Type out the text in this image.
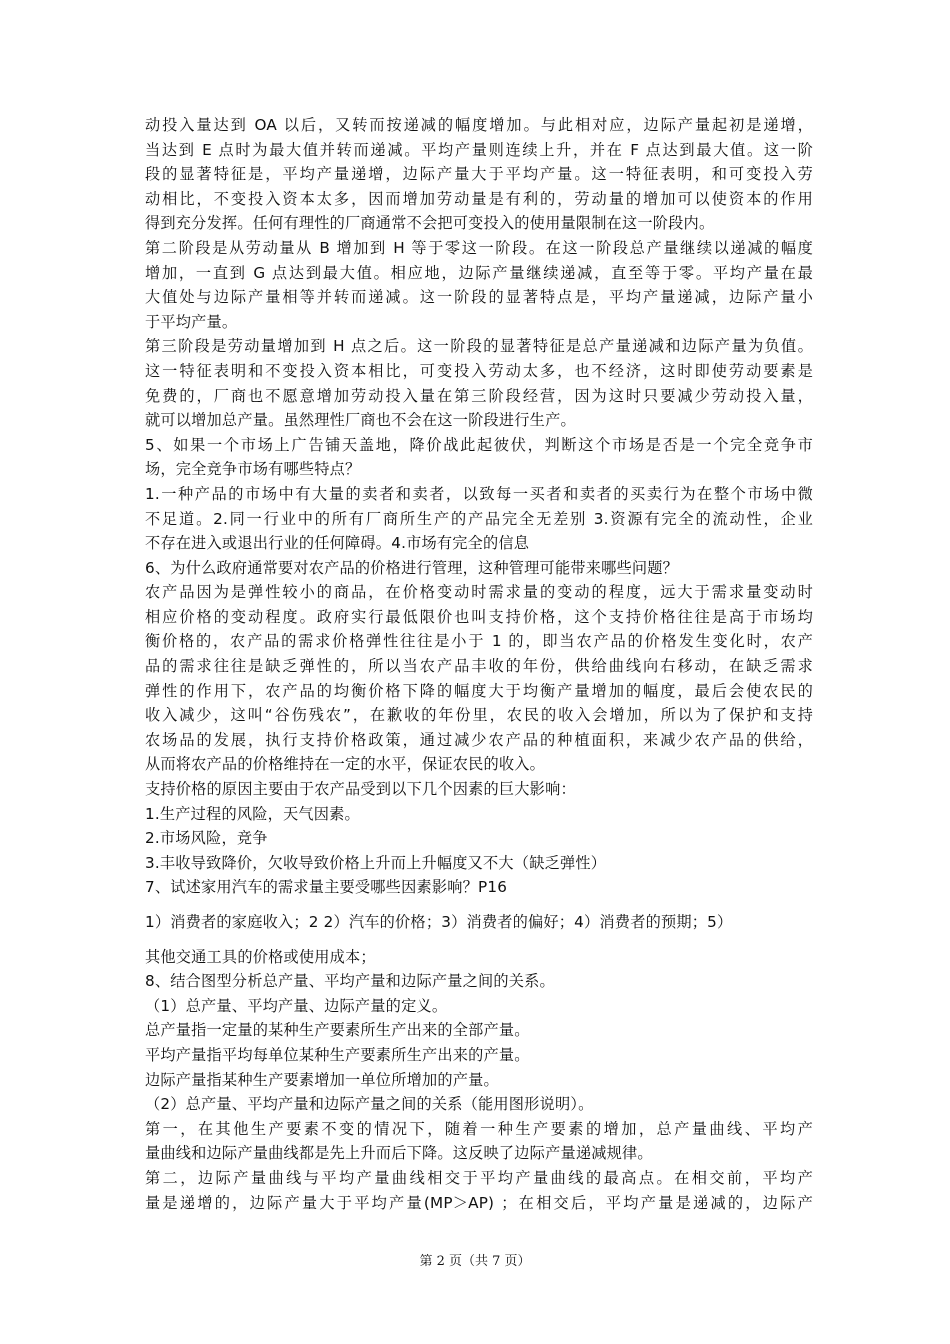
动投入量达到 OA 以后，又转而按递减的幅度增加。与此相对应，边际产量起初是递增，
当达到 E 点时为最大值并转而递减。平均产量则连续上升，并在 F 点达到最大值。这一阶
段的显著特征是，平均产量递增，边际产量大于平均产量。这一特征表明，和可变投入劳
动相比，不变投入资本太多，因而增加劳动量是有利的，劳动量的增加可以使资本的作用
得到充分发挥。任何有理性的厂商通常不会把可变投入的使用量限制在这一阶段内。
第二阶段是从劳动量从 B 增加到 H 等于零这一阶段。在这一阶段总产量继续以递减的幅度
增加，一直到 G 点达到最大值。相应地，边际产量继续递减，直至等于零。平均产量在最
大值处与边际产量相等并转而递减。这一阶段的显著特点是，平均产量递减，边际产量小
于平均产量。
第三阶段是劳动量增加到 H 点之后。这一阶段的显著特征是总产量递减和边际产量为负值。
这一特征表明和不变投入资本相比，可变投入劳动太多，也不经济，这时即使劳动要素是
免费的，厂商也不愿意增加劳动投入量在第三阶段经营，因为这时只要减少劳动投入量，
就可以增加总产量。虽然理性厂商也不会在这一阶段进行生产。
5、如果一个市场上广告铺天盖地，降价战此起彼伏，判断这个市场是否是一个完全竞争市
场，完全竞争市场有哪些特点？
1.一种产品的市场中有大量的卖者和卖者，以致每一买者和卖者的买卖行为在整个市场中微
不足道。2.同一行业中的所有厂商所生产的产品完全无差别 3.资源有完全的流动性，企业
不存在进入或退出行业的任何障碍。4.市场有完全的信息
6、为什么政府通常要对农产品的价格进行管理，这种管理可能带来哪些问题？
农产品因为是弹性较小的商品，在价格变动时需求量的变动的程度，远大于需求量变动时
相应价格的变动程度。政府实行最低限价也叫支持价格，这个支持价格往往是高于市场均
衡价格的，农产品的需求价格弹性往往是小于 1 的，即当农产品的价格发生变化时，农产
品的需求往往是缺乏弹性的，所以当农产品丰收的年份，供给曲线向右移动，在缺乏需求
弹性的作用下，农产品的均衡价格下降的幅度大于均衡产量增加的幅度，最后会使农民的
收入减少，这叫“谷伤残农”，在歉收的年份里，农民的收入会增加，所以为了保护和支持
农场品的发展，执行支持价格政策，通过减少农产品的种植面积，来减少农产品的供给，
从而将农产品的价格维持在一定的水平，保证农民的收入。
支持价格的原因主要由于农产品受到以下几个因素的巨大影响：
1.生产过程的风险，天气因素。
2.市场风险，竞争
3.丰收导致降价，欠收导致价格上升而上升幅度又不大（缺乏弹性）
7、试述家用汽车的需求量主要受哪些因素影响？P16
1）消费者的家庭收入；2 2）汽车的价格；3）消费者的偏好；4）消费者的预期；5）
其他交通工具的价格或使用成本；
8、结合图型分析总产量、平均产量和边际产量之间的关系。
（1）总产量、平均产量、边际产量的定义。
总产量指一定量的某种生产要素所生产出来的全部产量。
平均产量指平均每单位某种生产要素所生产出来的产量。
边际产量指某种生产要素增加一单位所增加的产量。
（2）总产量、平均产量和边际产量之间的关系（能用图形说明）。
第一，在其他生产要素不变的情况下，随着一种生产要素的增加，总产量曲线、平均产
量曲线和边际产量曲线都是先上升而后下降。这反映了边际产量递减规律。
第二，边际产量曲线与平均产量曲线相交于平均产量曲线的最高点。在相交前，平均产
量是递增的，边际产量大于平均产量(MP＞AP) ；在相交后，平均产量是递减的，边际产
第 2 页（共 7 页）
